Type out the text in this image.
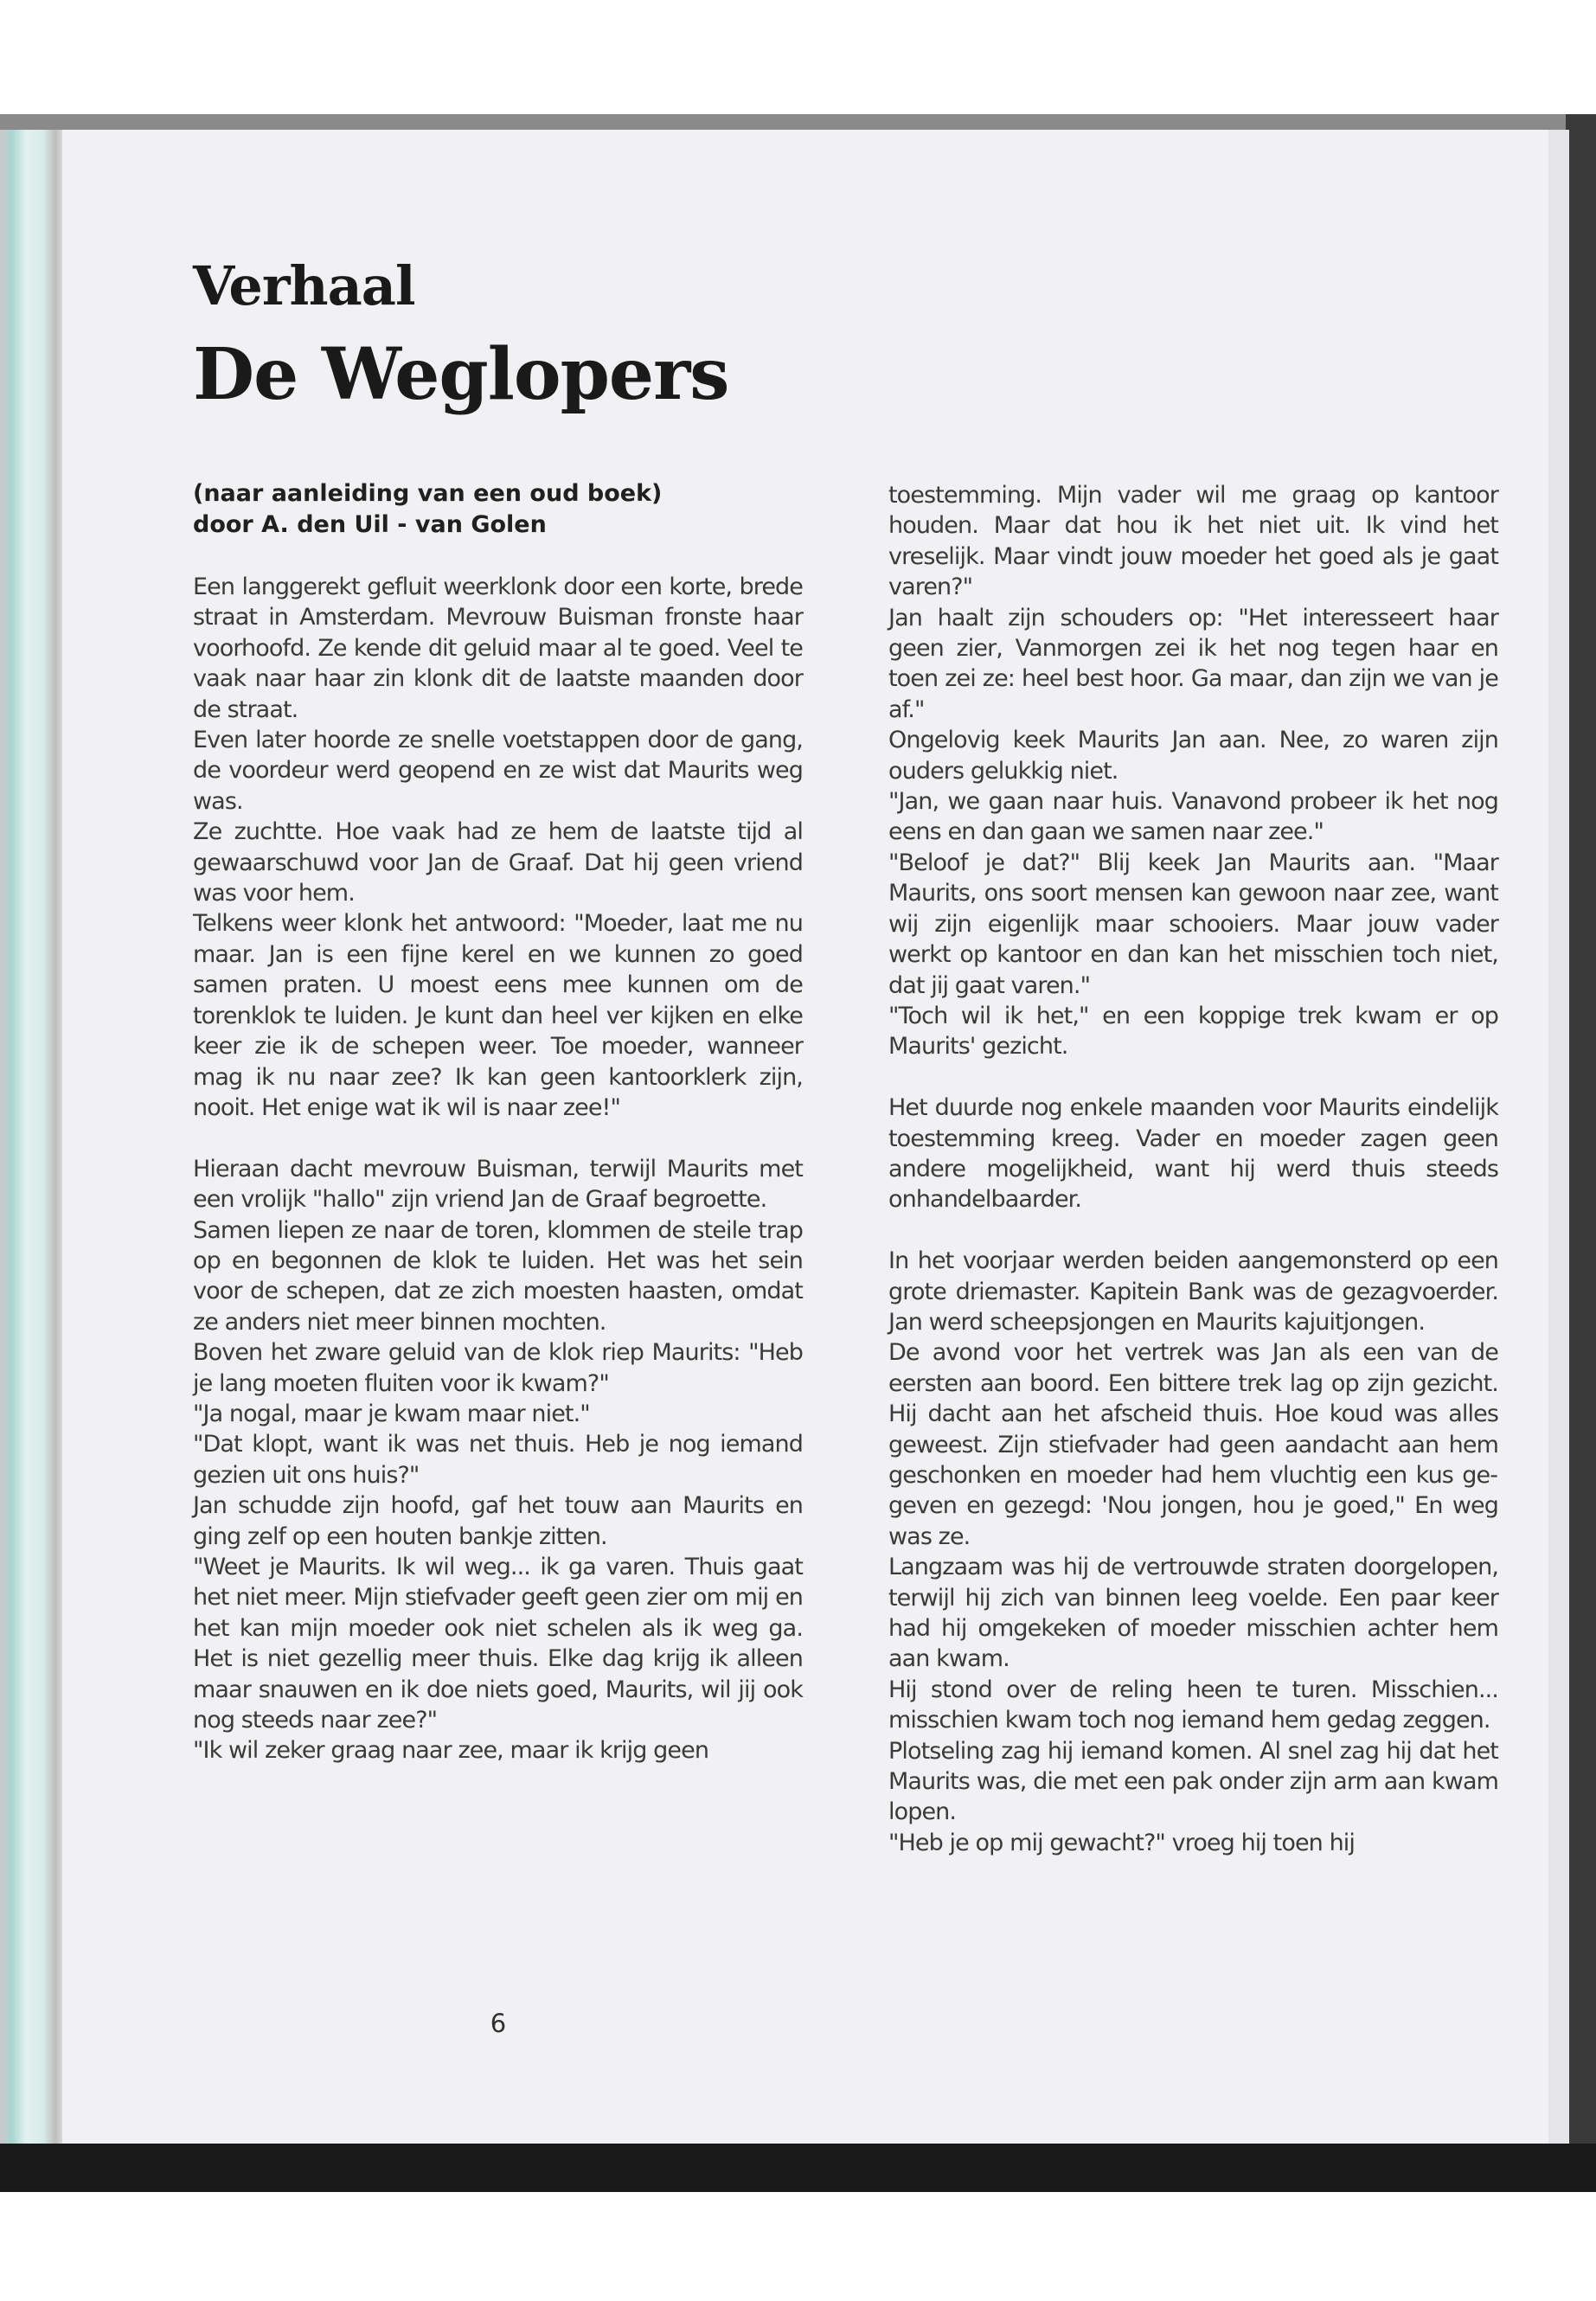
Verhaal
De Weglopers
(naar aanleiding van een oud boek)
door A. den Uil - van Golen

Een langgerekt gefluit weerklonk door een korte, brede straat in Amsterdam. Mevrouw Buisman fronste haar voorhoofd. Ze kende dit geluid maar al te goed. Veel te vaak naar haar zin klonk dit de laatste maanden door de straat.

Even later hoorde ze snelle voetstappen door de gang, de voordeur werd geopend en ze wist dat Maurits weg was.

Ze zuchtte. Hoe vaak had ze hem de laatste tijd al gewaarschuwd voor Jan de Graaf. Dat hij geen vriend was voor hem.

Telkens weer klonk het antwoord: "Moeder, laat me nu maar. Jan is een fijne kerel en we kunnen zo goed samen praten. U moest eens mee kunnen om de torenklok te luiden. Je kunt dan heel ver kijken en elke keer zie ik de schepen weer. Toe moeder, wanneer mag ik nu naar zee? Ik kan geen kantoorklerk zijn, nooit. Het enige wat ik wil is naar zee!"

Hieraan dacht mevrouw Buisman, terwijl Maurits met een vrolijk "hallo" zijn vriend Jan de Graaf begroette.

Samen liepen ze naar de toren, klommen de steile trap op en begonnen de klok te luiden. Het was het sein voor de schepen, dat ze zich moesten haasten, omdat ze anders niet meer binnen mochten.

Boven het zware geluid van de klok riep Maurits: "Heb je lang moeten fluiten voor ik kwam?"

"Ja nogal, maar je kwam maar niet."

"Dat klopt, want ik was net thuis. Heb je nog iemand gezien uit ons huis?"

Jan schudde zijn hoofd, gaf het touw aan Maurits en ging zelf op een houten bankje zitten.

"Weet je Maurits. Ik wil weg... ik ga varen. Thuis gaat het niet meer. Mijn stiefvader geeft geen zier om mij en het kan mijn moeder ook niet schelen als ik weg ga. Het is niet gezellig meer thuis. Elke dag krijg ik alleen maar snauwen en ik doe niets goed, Maurits, wil jij ook nog steeds naar zee?"

"Ik wil zeker graag naar zee, maar ik krijg geen

toestemming. Mijn vader wil me graag op kantoor houden. Maar dat hou ik het niet uit. Ik vind het vreselijk. Maar vindt jouw moeder het goed als je gaat varen?"

Jan haalt zijn schouders op: "Het interesseert haar geen zier, Vanmorgen zei ik het nog tegen haar en toen zei ze: heel best hoor. Ga maar, dan zijn we van je af."

Ongelovig keek Maurits Jan aan. Nee, zo waren zijn ouders gelukkig niet.

"Jan, we gaan naar huis. Vanavond probeer ik het nog eens en dan gaan we samen naar zee."

"Beloof je dat?" Blij keek Jan Maurits aan. "Maar Maurits, ons soort mensen kan gewoon naar zee, want wij zijn eigenlijk maar schooiers. Maar jouw vader werkt op kantoor en dan kan het misschien toch niet, dat jij gaat varen."

"Toch wil ik het," en een koppige trek kwam er op Maurits' gezicht.

Het duurde nog enkele maanden voor Maurits eindelijk toestemming kreeg. Vader en moeder zagen geen andere mogelijkheid, want hij werd thuis steeds onhandelbaarder.

In het voorjaar werden beiden aangemonsterd op een grote driemaster. Kapitein Bank was de gezagvoerder. Jan werd scheepsjongen en Maurits kajuitjongen.

De avond voor het vertrek was Jan als een van de eersten aan boord. Een bittere trek lag op zijn gezicht. Hij dacht aan het afscheid thuis. Hoe koud was alles geweest. Zijn stiefvader had geen aandacht aan hem geschonken en moeder had hem vluchtig een kus gegeven en gezegd: 'Nou jongen, hou je goed," En weg was ze.

Langzaam was hij de vertrouwde straten doorgelopen, terwijl hij zich van binnen leeg voelde. Een paar keer had hij omgekeken of moeder misschien achter hem aan kwam.

Hij stond over de reling heen te turen. Misschien... misschien kwam toch nog iemand hem gedag zeggen.

Plotseling zag hij iemand komen. Al snel zag hij dat het Maurits was, die met een pak onder zijn arm aan kwam lopen.

"Heb je op mij gewacht?" vroeg hij toen hij

6
